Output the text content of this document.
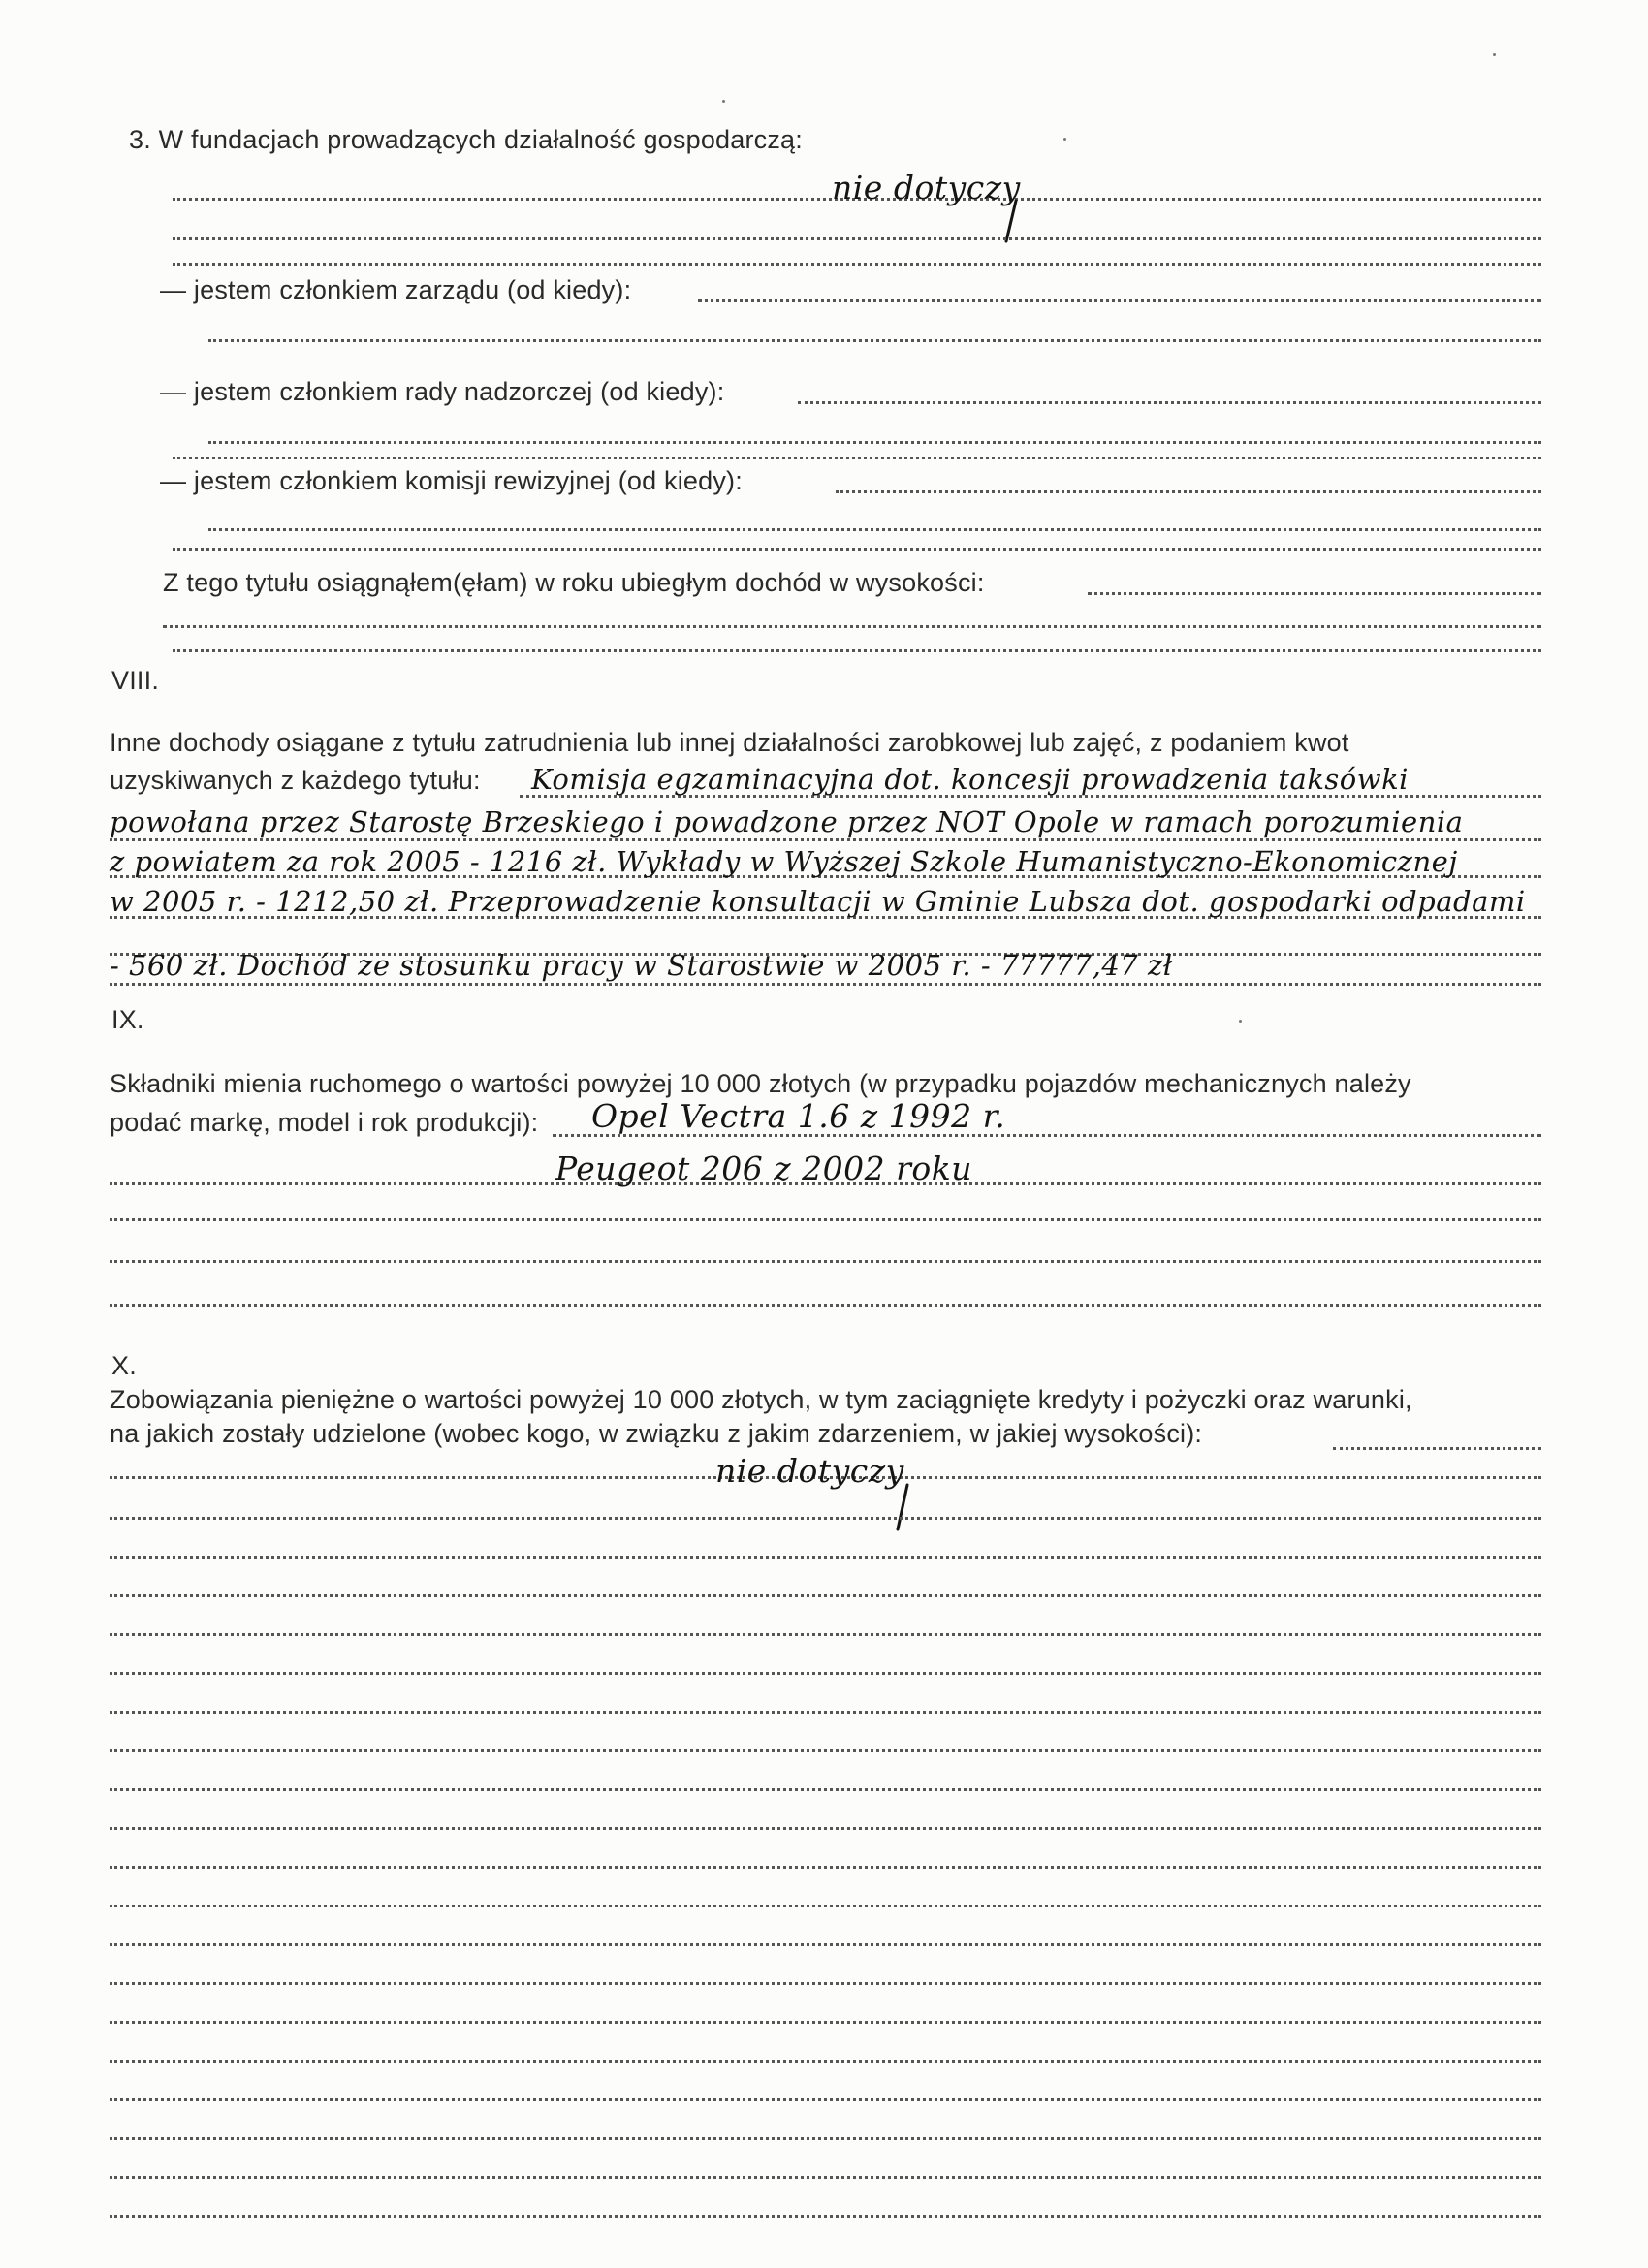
3. W fundacjach prowadzących działalność gospodarczą:
nie dotyczy
— jestem członkiem zarządu (od kiedy):
— jestem członkiem rady nadzorczej (od kiedy):
— jestem członkiem komisji rewizyjnej (od kiedy):
Z tego tytułu osiągnąłem(ęłam) w roku ubiegłym dochód w wysokości:
VIII.
Inne dochody osiągane z tytułu zatrudnienia lub innej działalności zarobkowej lub zajęć, z podaniem kwot
uzyskiwanych z każdego tytułu: Komisja egzaminacyjna dot. koncesji prowadzenia taksówki
powołana przez Starostę Brzeskiego i powadzone przez NOT Opole w ramach porozumienia
z powiatem za rok 2005 - 1216 zł. Wykłady w Wyższej Szkole Humanistyczno-Ekonomicznej
w 2005 r. - 1212,50 zł. Przeprowadzenie konsultacji w Gminie Lubsza dot. gospodarki odpadami
- 560 zł. Dochód ze stosunku pracy w Starostwie w 2005 r. - 77777,47 zł
IX.
Składniki mienia ruchomego o wartości powyżej 10 000 złotych (w przypadku pojazdów mechanicznych należy
podać markę, model i rok produkcji): Opel Vectra 1.6 z 1992 r.
Peugeot 206 z 2002 roku
X.
Zobowiązania pieniężne o wartości powyżej 10 000 złotych, w tym zaciągnięte kredyty i pożyczki oraz warunki,
na jakich zostały udzielone (wobec kogo, w związku z jakim zdarzeniem, w jakiej wysokości):
nie dotyczy
